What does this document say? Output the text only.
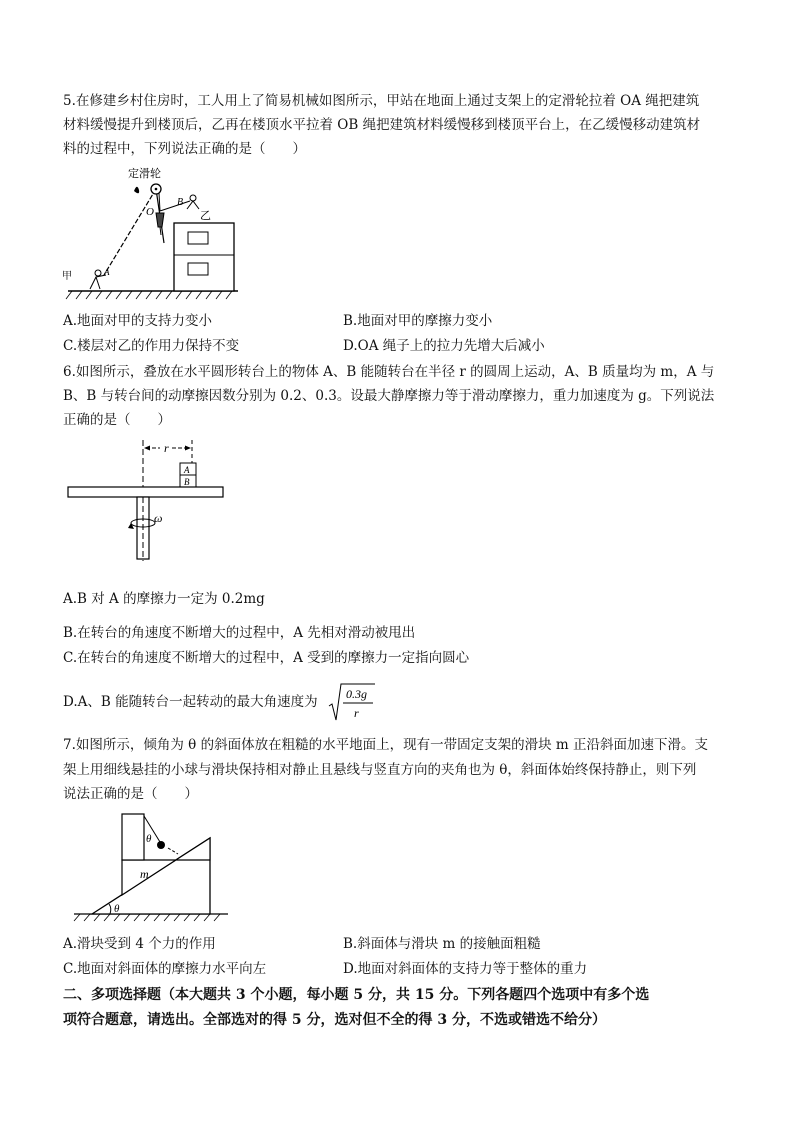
5.在修建乡村住房时，工人用上了简易机械如图所示，甲站在地面上通过支架上的定滑轮拉着 OA 绳把建筑
材料缓慢提升到楼顶后，乙再在楼顶水平拉着 OB 绳把建筑材料缓慢移到楼顶平台上，在乙缓慢移动建筑材
料的过程中，下列说法正确的是（　　）
定滑轮
O
B
乙
甲	A
A.地面对甲的支持力变小	B.地面对甲的摩擦力变小
C.楼层对乙的作用力保持不变	D.OA 绳子上的拉力先增大后减小
6.如图所示，叠放在水平圆形转台上的物体 A、B 能随转台在半径 r 的圆周上运动，A、B 质量均为 m，A 与
B、B 与转台间的动摩擦因数分别为 0.2、0.3。设最大静摩擦力等于滑动摩擦力，重力加速度为 g。下列说法
正确的是（　　）
r
A
B
ω
A.B 对 A 的摩擦力一定为 0.2mg
B.在转台的角速度不断增大的过程中，A 先相对滑动被甩出
C.在转台的角速度不断增大的过程中，A 受到的摩擦力一定指向圆心
D.A、B 能随转台一起转动的最大角速度为 0.3g
r
7.如图所示，倾角为 θ 的斜面体放在粗糙的水平地面上，现有一带固定支架的滑块 m 正沿斜面加速下滑。支
架上用细线悬挂的小球与滑块保持相对静止且悬线与竖直方向的夹角也为 θ，斜面体始终保持静止，则下列
说法正确的是（　　）
θ
m
θ
A.滑块受到 4 个力的作用	B.斜面体与滑块 m 的接触面粗糙
C.地面对斜面体的摩擦力水平向左	D.地面对斜面体的支持力等于整体的重力
二、多项选择题（本大题共 3 个小题，每小题 5 分，共 15 分。下列各题四个选项中有多个选
项符合题意，请选出。全部选对的得 5 分，选对但不全的得 3 分，不选或错选不给分）
